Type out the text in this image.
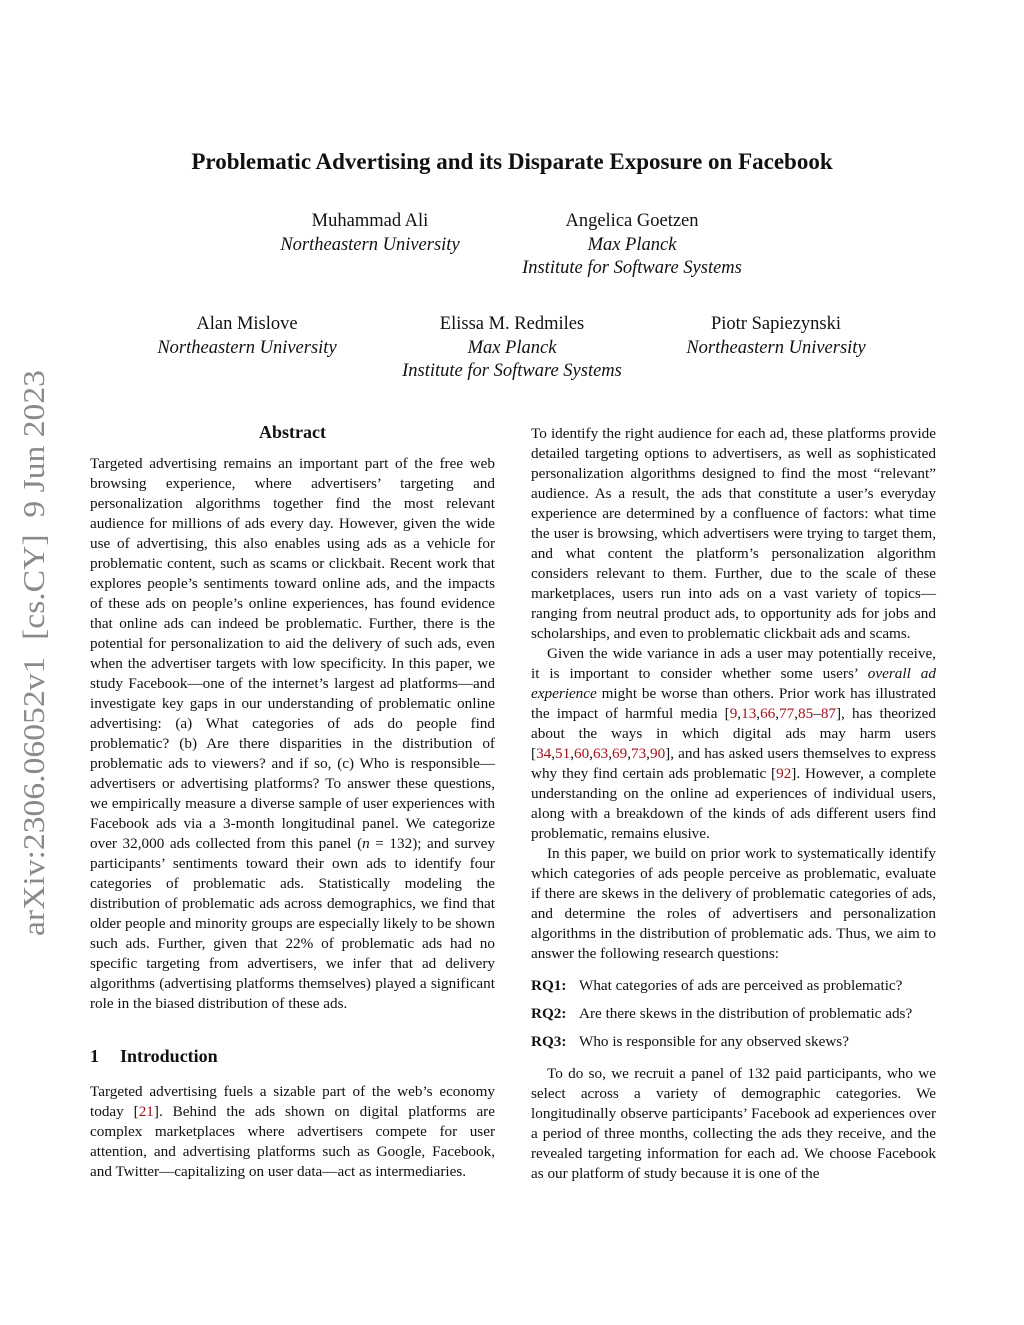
arXiv:2306.06052v1  [cs.CY]  9 Jun 2023
Problematic Advertising and its Disparate Exposure on Facebook
Muhammad Ali
Northeastern University
Angelica Goetzen
Max Planck
Institute for Software Systems
Alan Mislove
Northeastern University
Elissa M. Redmiles
Max Planck
Institute for Software Systems
Piotr Sapiezynski
Northeastern University
Abstract

Targeted advertising remains an important part of the free web browsing experience, where advertisers’ targeting and personalization algorithms together find the most relevant audience for millions of ads every day. However, given the wide use of advertising, this also enables using ads as a vehicle for problematic content, such as scams or clickbait. Recent work that explores people’s sentiments toward online ads, and the impacts of these ads on people’s online experiences, has found evidence that online ads can indeed be problematic. Further, there is the potential for personalization to aid the delivery of such ads, even when the advertiser targets with low specificity. In this paper, we study Facebook—one of the internet’s largest ad platforms—and investigate key gaps in our understanding of problematic online advertising: (a) What categories of ads do people find problematic? (b) Are there disparities in the distribution of problematic ads to viewers? and if so, (c) Who is responsible—advertisers or advertising platforms? To answer these questions, we empirically measure a diverse sample of user experiences with Facebook ads via a 3-month longitudinal panel. We categorize over 32,000 ads collected from this panel (n = 132); and survey participants’ sentiments toward their own ads to identify four categories of problematic ads. Statistically modeling the distribution of problematic ads across demographics, we find that older people and minority groups are especially likely to be shown such ads. Further, given that 22% of problematic ads had no specific targeting from advertisers, we infer that ad delivery algorithms (advertising platforms themselves) played a significant role in the biased distribution of these ads.

1 Introduction

Targeted advertising fuels a sizable part of the web’s economy today [21]. Behind the ads shown on digital platforms are complex marketplaces where advertisers compete for user attention, and advertising platforms such as Google, Facebook, and Twitter—capitalizing on user data—act as intermediaries.

To identify the right audience for each ad, these platforms provide detailed targeting options to advertisers, as well as sophisticated personalization algorithms designed to find the most “relevant” audience. As a result, the ads that constitute a user’s everyday experience are determined by a confluence of factors: what time the user is browsing, which advertisers were trying to target them, and what content the platform’s personalization algorithm considers relevant to them. Further, due to the scale of these marketplaces, users run into ads on a vast variety of topics—ranging from neutral product ads, to opportunity ads for jobs and scholarships, and even to problematic clickbait ads and scams.

Given the wide variance in ads a user may potentially receive, it is important to consider whether some users’ overall ad experience might be worse than others. Prior work has illustrated the impact of harmful media [9,13,66,77,85–87], has theorized about the ways in which digital ads may harm users [34,51,60,63,69,73,90], and has asked users themselves to express why they find certain ads problematic [92]. However, a complete understanding on the online ad experiences of individual users, along with a breakdown of the kinds of ads different users find problematic, remains elusive.

In this paper, we build on prior work to systematically identify which categories of ads people perceive as problematic, evaluate if there are skews in the delivery of problematic categories of ads, and determine the roles of advertisers and personalization algorithms in the distribution of problematic ads. Thus, we aim to answer the following research questions:

RQ1: What categories of ads are perceived as problematic?
RQ2: Are there skews in the distribution of problematic ads?
RQ3: Who is responsible for any observed skews?

To do so, we recruit a panel of 132 paid participants, who we select across a variety of demographic categories. We longitudinally observe participants’ Facebook ad experiences over a period of three months, collecting the ads they receive, and the revealed targeting information for each ad. We choose Facebook as our platform of study because it is one of the
